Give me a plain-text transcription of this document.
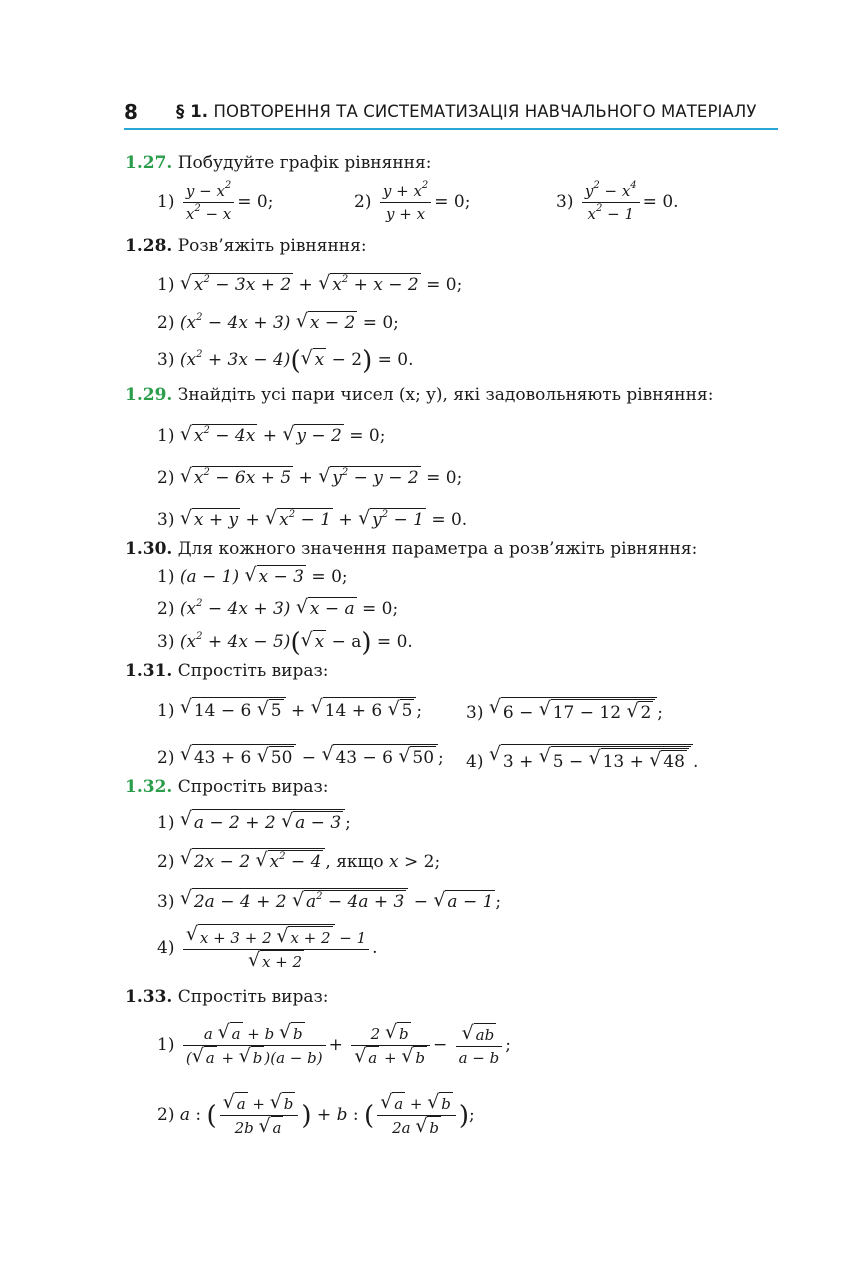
8 § 1. ПОВТОРЕННЯ ТА СИСТЕМАТИЗАЦІЯ НАВЧАЛЬНОГО МАТЕРІАЛУ
1.27. Побудуйте графік рівняння:
$1) \frac{y - x^2}{x^2 - x} = 0$;	$2) \frac{y + x^2}{y + x} = 0$;	$3) \frac{y^2 - x^4}{x^2 - 1} = 0$.
1.28. Розв’яжіть рівняння:
1) √ $x^2 - 3x + 2$ + √ $x^2 + x - 2 = 0$;
2) $(x^2 - 4x + 3)$ √ x − 2 = 0;
3) $(x^2 + 3x - 4)$( √ x − 2) = 0.
1.29. Знайдіть усі пари чисел (x; y), які задовольняють рівняння:
1) √ $x^2 - 4x$ + √ y − 2 = 0;
2) √ $x^2 - 6x + 5$ + √ $y^2 - y - 2 = 0$;
3) √ x + y + √ $x^2 - 1$ + √ $y^2 - 1 = 0$.
1.30. Для кожного значення параметра a розв’яжіть рівняння:
1) (a − 1) √ x − 3 = 0;
2) $(x^2 - 4x + 3)$ √ x − a = 0;
3) $(x^2 + 4x - 5)$( √ x − a) = 0.
1.31. Спростіть вираз:
1) √ 14 − 6 √ 5 + √ 14 + 6 √ 5 ;	3) √ 6 − √ 17 − 12 √ 2 ;
2) √ 43 + 6 √ 50 − √ 43 − 6 √ 50 ; 4) √ 3 + √ 5 − √ 13 + √ 48 .
1.32. Спростіть вираз:
1) √ a − 2 + 2 √ a − 3 ;
2) √ 2x − 2 √ $x^2 - 4$ , якщо x > 2;
3) √ 2a − 4 + 2 √ $a^2 - 4a + 3$ − √ a − 1 ;
$4) \frac{√ x + 3 + 2 √ x + 2 - 1}{√ x + 2}$ .
1.33. Спростіть вираз:
$1) \frac{a √ a + b √ b}{( √ a + √ b )(a - b)} + \frac{2 √ b}{√ a + √ b} - \frac{√ ab}{a - b}$ ;
2) a : ( $\frac{√ a + √ b}{2b √ a}$ ) + b : ( $\frac{√ a + √ b}{2a √ b}$ );
